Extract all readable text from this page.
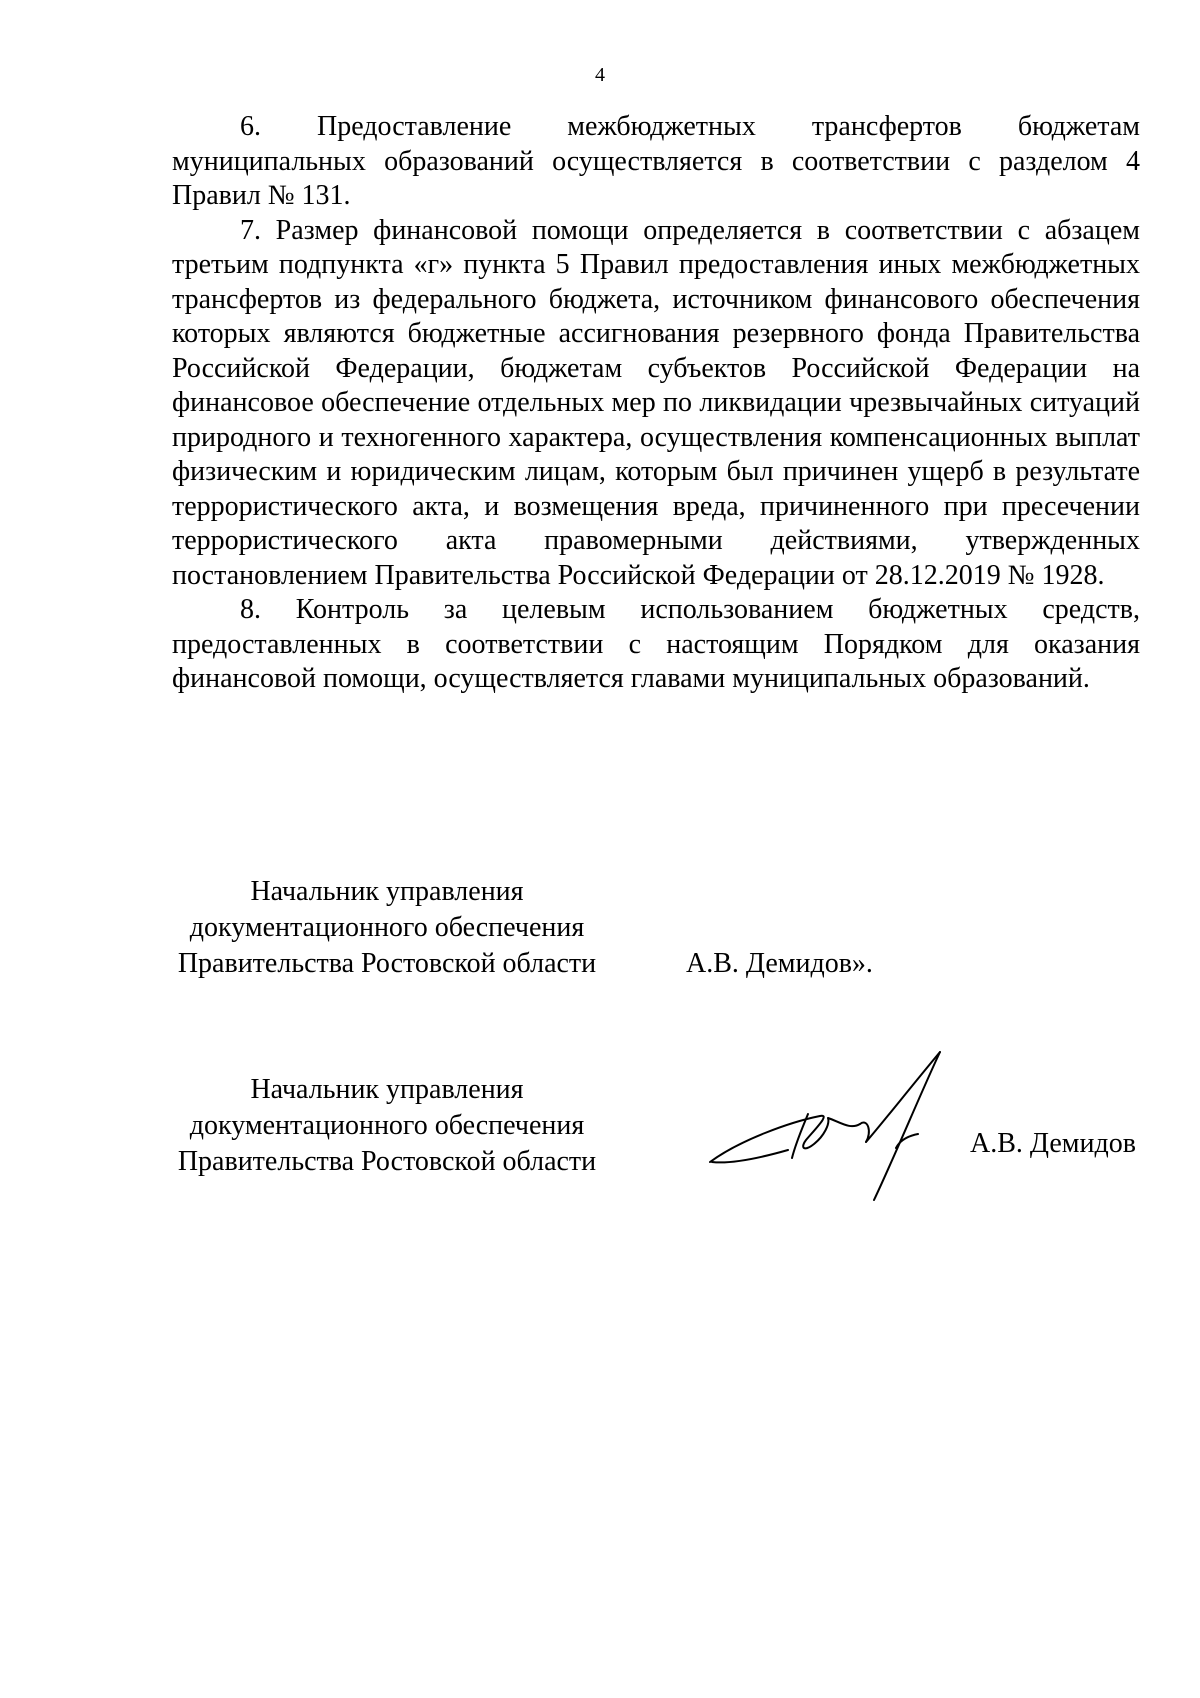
4

6. Предоставление межбюджетных трансфертов бюджетам муниципальных образований осуществляется в соответствии с разделом 4 Правил № 131.

7. Размер финансовой помощи определяется в соответствии с абзацем третьим подпункта «г» пункта 5 Правил предоставления иных межбюджетных трансфертов из федерального бюджета, источником финансового обеспечения которых являются бюджетные ассигнования резервного фонда Правительства Российской Федерации, бюджетам субъектов Российской Федерации на финансовое обеспечение отдельных мер по ликвидации чрезвычайных ситуаций природного и техногенного характера, осуществления компенсационных выплат физическим и юридическим лицам, которым был причинен ущерб в результате террористического акта, и возмещения вреда, причиненного при пресечении террористического акта правомерными действиями, утвержденных постановлением Правительства Российской Федерации от 28.12.2019 № 1928.

8. Контроль за целевым использованием бюджетных средств, предоставленных в соответствии с настоящим Порядком для оказания финансовой помощи, осуществляется главами муниципальных образований.

Начальник управления
документационного обеспечения
Правительства Ростовской области	А.В. Демидов».
Начальник управления
документационного обеспечения
Правительства Ростовской области
А.В. Демидов
